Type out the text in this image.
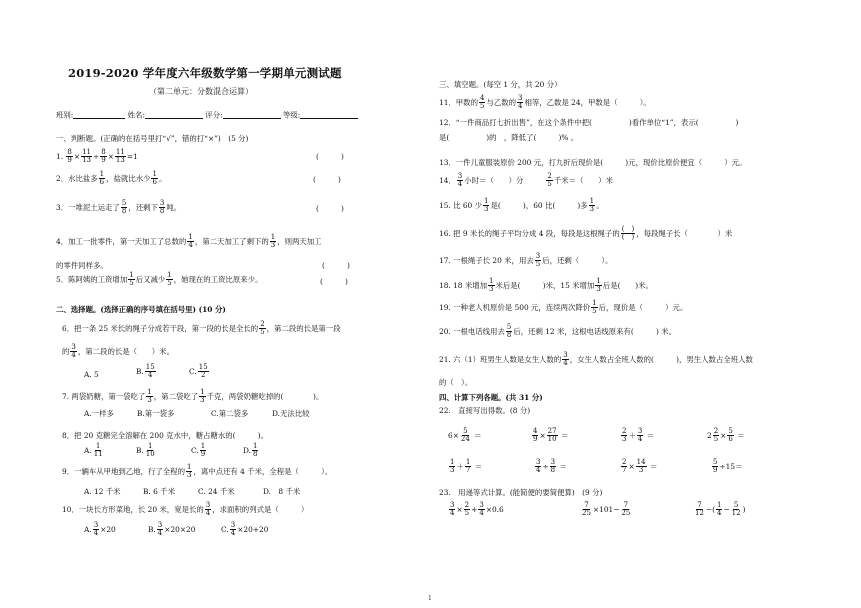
2019-2020 学年度六年级数学第一学期单元测试题
（第二单元：分数混合运算）
班别:	姓名:	评分:	等级:
一、判断题。(正确的在括号里打“√”，错的打“×”)　(5 分)
1. $\frac{8}{9} \times \frac{11}{13} \div \frac{8}{9} \times \frac{11}{13} =1$	(　　　)
2．水比盐多 $\frac{1}{6}$ ，盐就比水少 $\frac{1}{6}$ 。	(　　　)
3．一堆泥土运走了 $\frac{5}{8}$ ，还剩下 $\frac{3}{8}$ 吨。	(　　　)
4．加工一批零件，第一天加工了总数的 $\frac{1}{4}$ ，第二天加工了剩下的 $\frac{1}{3}$ ，则两天加工
的零件同样多。	(　　　)
5．陈阿姨的工资增加 $\frac{1}{5}$ 后又减少 $\frac{1}{5}$ ，她现在的工资比原来少。	(　　　)
二、选择题。(选择正确的序号填在括号里) (10 分)
6．把一条 25 米长的绳子分成若干段，第一段的长是全长的 $\frac{2}{5}$ ，第二段的长是第一段
的 $\frac{3}{4}$ ，第二段的长是（　　）米。
A. 5	B. $\frac{15}{4}$	C. $\frac{15}{2}$
7. 两袋奶糖，第一袋吃了 $\frac{1}{3}$ ，第二袋吃了 $\frac{1}{3}$ 千克，两袋奶糖吃掉的(　　　　)。
A.一样多	B.第一袋多	C.第二袋多	D.无法比较
8．把 20 克糖完全溶解在 200 克水中，糖占糖水的(　　　)。
A. $\frac{1}{11}$	B. $\frac{1}{10}$	C. $\frac{1}{9}$	D. $\frac{1}{8}$
9．一辆车从甲地到乙地，行了全程的 $\frac{1}{3}$ ，离中点还有 4 千米，全程是（　　　）。
A. 12 千米	B. 6 千米	C. 24 千米	D.　8 千米
10．一块长方形菜地，长 20 米，宽是长的 $\frac{3}{4}$ ，求面积的列式是（　　　）
A. $\frac{3}{4} \times 20$	B. $\frac{3}{4} \times 20\times 20$	C. $\frac{3}{4} \times 20+20$
三、填空题。(每空 1 分，共 20 分）
11．甲数的 $\frac{4}{5}$ 与乙数的 $\frac{3}{4}$ 相等，乙数是 24，甲数是（　　　）。
12．“一件商品打七折出售”，在这个条件中把(　　　　　)看作单位“1”，表示(　　　　　)
是(　　　　　)的　，降低了(　　　)% 。
13．一件儿童服装原价 200 元，打九折后现价是(　　　)元，现价比原价便宜（　　　）元。
14． $\frac{3}{4}$ 小时＝（　　）分	$\frac{2}{5}$ 千米＝（　　）米
15. 比 60 少 $\frac{1}{3}$ 是(　　　)，60 比(　　　)多 $\frac{1}{3}$ 。
16. 把 9 米长的绳子平均分成 4 段，每段是这根绳子的 $\frac{( )}{( )}$ ，每段绳子长（　　　　）米
17. 一根绳子长 20 米，用去 $\frac{3}{5}$ 后，还剩（　　　）。
18. 18 米增加 $\frac{1}{3}$ 米后是(　　　)米，15 米增加 $\frac{1}{3}$ 后是(　　)米。
19. 一种老人机原价是 500 元，连续两次降价 $\frac{1}{5}$ 后，现价是（　　　）元。
20. 一根电话线用去 $\frac{5}{8}$ 后，还剩 12 米，这根电话线原来有(　　　) 米。
21. 六（1）班男生人数是女生人数的 $\frac{3}{4}$ ，女生人数占全班人数的(　　　)，男生人数占全班人数
的（　）。
四、计算下列各题。(共 31 分)
22.　直接写出得数。(8 分)
$6\times \frac{5}{24}$ ＝	$\frac{4}{9} \times \frac{27}{10}$ ＝	$\frac{2}{3} + \frac{3}{4}$ ＝	$2 \frac{2}{5} \times \frac{5}{6}$ ＝
$\frac{1}{3} + \frac{1}{7}$ ＝	$\frac{3}{4} \div \frac{3}{8}$ ＝	$\frac{2}{7} \times \frac{14}{3}$ ＝	$\frac{5}{9} \div 15=$
23.　用递等式计算。(能简便的要简便算)　(9 分)
$\frac{3}{4} \times \frac{2}{5} + \frac{3}{4} \times 0.6$	$\frac{7}{25} \times 101- \frac{7}{25}$	$\frac{7}{12}$ −( $\frac{1}{4} - \frac{5}{12}$ )
1
